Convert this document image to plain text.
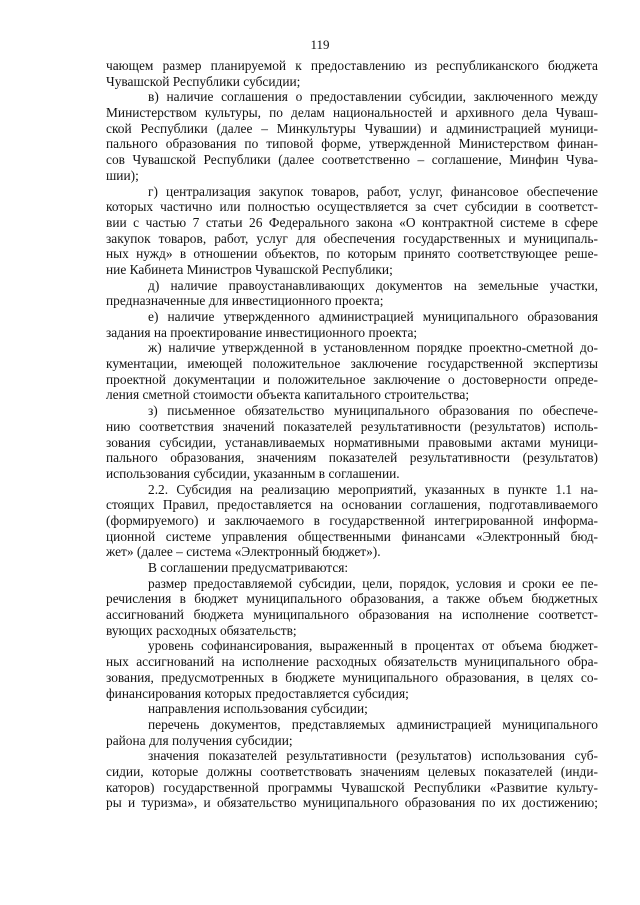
119
чающем размер планируемой к предоставлению из республиканского бюджета
Чувашской Республики субсидии;
в) наличие соглашения о предоставлении субсидии, заключенного между
Министерством культуры, по делам национальностей и архивного дела Чуваш-
ской Республики (далее – Минкультуры Чувашии) и администрацией муници-
пального образования по типовой форме, утвержденной Министерством финан-
сов Чувашской Республики (далее соответственно – соглашение, Минфин Чува-
шии);
г) централизация закупок товаров, работ, услуг, финансовое обеспечение
которых частично или полностью осуществляется за счет субсидии в соответст-
вии с частью 7 статьи 26 Федерального закона «О контрактной системе в сфере
закупок товаров, работ, услуг для обеспечения государственных и муниципаль-
ных нужд» в отношении объектов, по которым принято соответствующее реше-
ние Кабинета Министров Чувашской Республики;
д) наличие правоустанавливающих документов на земельные участки,
предназначенные для инвестиционного проекта;
е) наличие утвержденного администрацией муниципального образования
задания на проектирование инвестиционного проекта;
ж) наличие утвержденной в установленном порядке проектно-сметной до-
кументации, имеющей положительное заключение государственной экспертизы
проектной документации и положительное заключение о достоверности опреде-
ления сметной стоимости объекта капитального строительства;
з) письменное обязательство муниципального образования по обеспече-
нию соответствия значений показателей результативности (результатов) исполь-
зования субсидии, устанавливаемых нормативными правовыми актами муници-
пального образования, значениям показателей результативности (результатов)
использования субсидии, указанным в соглашении.
2.2. Субсидия на реализацию мероприятий, указанных в пункте 1.1 на-
стоящих Правил, предоставляется на основании соглашения, подготавливаемого
(формируемого) и заключаемого в государственной интегрированной информа-
ционной системе управления общественными финансами «Электронный бюд-
жет» (далее – система «Электронный бюджет»).
В соглашении предусматриваются:
размер предоставляемой субсидии, цели, порядок, условия и сроки ее пе-
речисления в бюджет муниципального образования, а также объем бюджетных
ассигнований бюджета муниципального образования на исполнение соответст-
вующих расходных обязательств;
уровень софинансирования, выраженный в процентах от объема бюджет-
ных ассигнований на исполнение расходных обязательств муниципального обра-
зования, предусмотренных в бюджете муниципального образования, в целях со-
финансирования которых предоставляется субсидия;
направления использования субсидии;
перечень документов, представляемых администрацией муниципального
района для получения субсидии;
значения показателей результативности (результатов) использования суб-
сидии, которые должны соответствовать значениям целевых показателей (инди-
каторов) государственной программы Чувашской Республики «Развитие культу-
ры и туризма», и обязательство муниципального образования по их достижению;
